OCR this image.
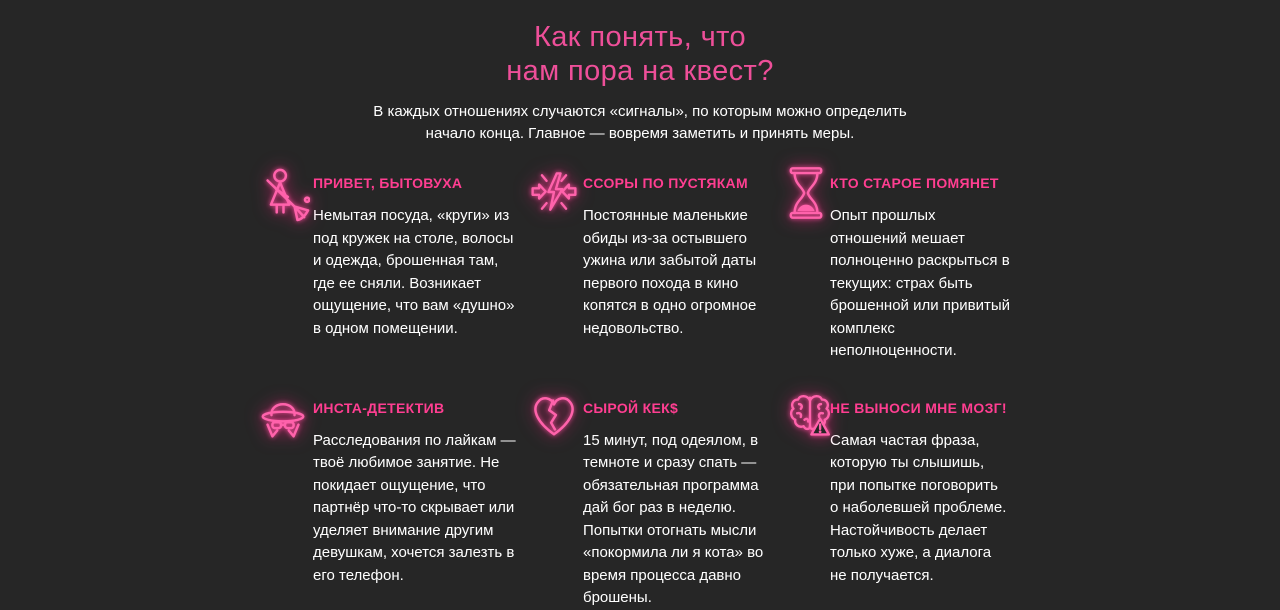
Как понять, что
нам пора на квест?

В каждых отношениях случаются «сигналы», по которым можно определить начало конца. Главное — вовремя заметить и принять меры.

ПРИВЕТ, БЫТОВУХА

Немытая посуда, «круги» из под кружек на столе, волосы и одежда, брошенная там, где ее сняли. Возникает ощущение, что вам «душно» в одном помещении.

ССОРЫ ПО ПУСТЯКАМ

Постоянные маленькие обиды из-за остывшего ужина или забытой даты первого похода в кино копятся в одно огромное недовольство.

КТО СТАРОЕ ПОМЯНЕТ

Опыт прошлых отношений мешает полноценно раскрыться в текущих: страх быть брошенной или привитый комплекс неполноценности.

ИНСТА-ДЕТЕКТИВ

Расследования по лайкам — твоё любимое занятие. Не покидает ощущение, что партнёр что-то скрывает или уделяет внимание другим девушкам, хочется залезть в его телефон.

СЫРОЙ КЕК$

15 минут, под одеялом, в темноте и сразу спать — обязательная программа дай бог раз в неделю. Попытки отогнать мысли «покормила ли я кота» во время процесса давно брошены.

НЕ ВЫНОСИ МНЕ МОЗГ!

Самая частая фраза, которую ты слышишь, при попытке поговорить о наболевшей проблеме. Настойчивость делает только хуже, а диалога не получается.
